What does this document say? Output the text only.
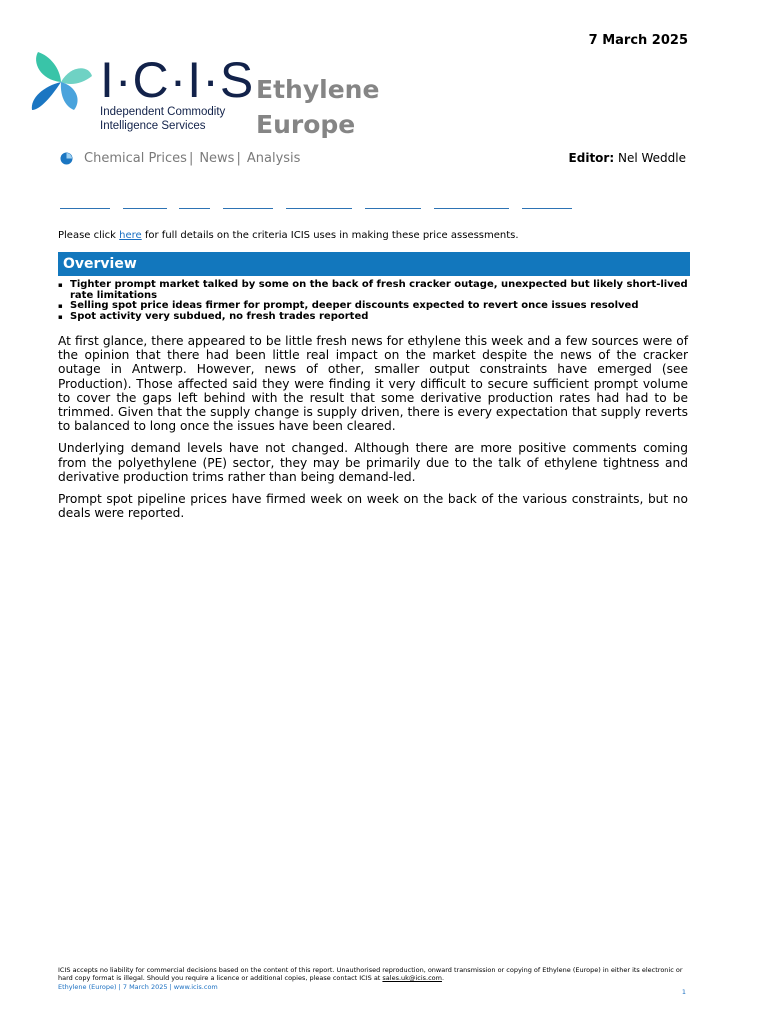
7 March 2025
I·C·I·S
Independent Commodity
Intelligence Services
Ethylene
Europe
Chemical Prices | News | Analysis	Editor: Nel Weddle
Please click here for full details on the criteria ICIS uses in making these price assessments.
Overview
▪ Tighter prompt market talked by some on the back of fresh cracker outage, unexpected but likely short-lived rate limitations
▪ Selling spot price ideas firmer for prompt, deeper discounts expected to revert once issues resolved
▪ Spot activity very subdued, no fresh trades reported

At first glance, there appeared to be little fresh news for ethylene this week and a few sources were of the opinion that there had been little real impact on the market despite the news of the cracker outage in Antwerp. However, news of other, smaller output constraints have emerged (see Production). Those affected said they were finding it very difficult to secure sufficient prompt volume to cover the gaps left behind with the result that some derivative production rates had had to be trimmed. Given that the supply change is supply driven, there is every expectation that supply reverts to balanced to long once the issues have been cleared.

Underlying demand levels have not changed. Although there are more positive comments coming from the polyethylene (PE) sector, they may be primarily due to the talk of ethylene tightness and derivative production trims rather than being demand-led.

Prompt spot pipeline prices have firmed week on week on the back of the various constraints, but no deals were reported.

ICIS accepts no liability for commercial decisions based on the content of this report. Unauthorised reproduction, onward transmission or copying of Ethylene (Europe) in either its electronic or hard copy format is illegal. Should you require a licence or additional copies, please contact ICIS at sales.uk@icis.com.
Ethylene (Europe) | 7 March 2025 | www.icis.com
1
